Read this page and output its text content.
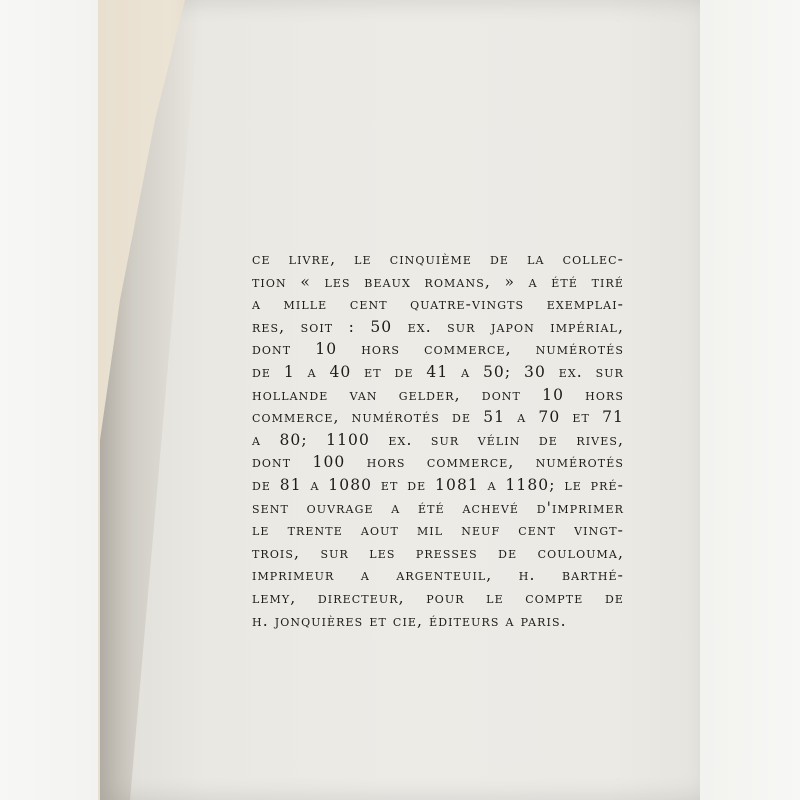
ce livre, le cinquième de la collec-
tion « les beaux romans, » a été tiré
a mille cent quatre-vingts exemplai-
res, soit : 50 ex. sur japon impérial,
dont 10 hors commerce, numérotés
de 1 a 40 et de 41 a 50; 30 ex. sur
hollande van gelder, dont 10 hors
commerce, numérotés de 51 a 70 et 71
a 80; 1100 ex. sur vélin de rives,
dont 100 hors commerce, numérotés
de 81 a 1080 et de 1081 a 1180; le pré-
sent ouvrage a été achevé d'imprimer
le trente aout mil neuf cent vingt-
trois, sur les presses de coulouma,
imprimeur a argenteuil, h. barthé-
lemy, directeur, pour le compte de
h. jonquières et cie, éditeurs a paris.
